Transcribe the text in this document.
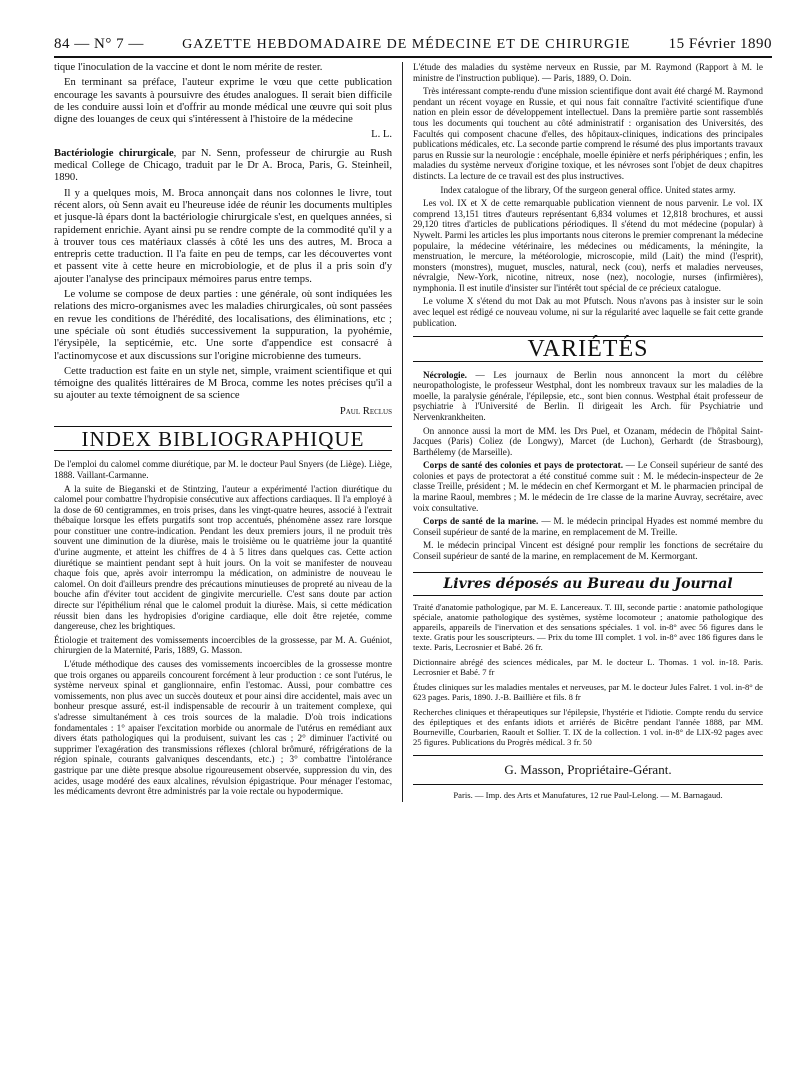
84 — N° 7 —	GAZETTE HEBDOMADAIRE DE MÉDECINE ET DE CHIRURGIE	15 Février 1890

tique l'inoculation de la vaccine et dont le nom mérite de rester.

En terminant sa préface, l'auteur exprime le vœu que cette publication encourage les savants à poursuivre des études analogues. Il serait bien difficile de les conduire aussi loin et d'offrir au monde médical une œuvre qui soit plus digne des louanges de ceux qui s'intéressent à l'histoire de la médecine

L. L.

Bactériologie chirurgicale, par N. Senn, professeur de chirurgie au Rush medical College de Chicago, traduit par le Dr A. Broca, Paris, G. Steinheil, 1890.

Il y a quelques mois, M. Broca annonçait dans nos colonnes le livre, tout récent alors, où Senn avait eu l'heureuse idée de réunir les documents multiples et jusque-là épars dont la bactériologie chirurgicale s'est, en quelques années, si rapidement enrichie. Ayant ainsi pu se rendre compte de la commodité qu'il y a à trouver tous ces matériaux classés à côté les uns des autres, M. Broca a entrepris cette traduction. Il l'a faite en peu de temps, car les découvertes vont et passent vite à cette heure en microbiologie, et de plus il a pris soin d'y ajouter l'analyse des principaux mémoires parus entre temps.

Le volume se compose de deux parties : une générale, où sont indiquées les relations des micro-organismes avec les maladies chirurgicales, où sont passées en revue les conditions de l'hérédité, des localisations, des éliminations, etc ; une spéciale où sont étudiés successivement la suppuration, la pyohémie, l'érysipèle, la septicémie, etc. Une sorte d'appendice est consacré à l'actinomycose et aux discussions sur l'origine microbienne des tumeurs.

Cette traduction est faite en un style net, simple, vraiment scientifique et qui témoigne des qualités littéraires de M Broca, comme les notes précises qu'il a su ajouter au texte témoignent de sa science

Paul Reclus
INDEX BIBLIOGRAPHIQUE

De l'emploi du calomel comme diurétique, par M. le docteur Paul Snyers (de Liège). Liège, 1888. Vaillant-Carmanne.

A la suite de Bieganski et de Stintzing, l'auteur a expérimenté l'action diurétique du calomel pour combattre l'hydropisie consécutive aux affections cardiaques. Il l'a employé à la dose de 60 centigrammes, en trois prises, dans les vingt-quatre heures, associé à l'extrait thébaïque lorsque les effets purgatifs sont trop accentués, phénomène assez rare lorsque pour constituer une contre-indication. Pendant les deux premiers jours, il ne produit très souvent une diminution de la diurèse, mais le troisième ou le quatrième jour la quantité d'urine augmente, et atteint les chiffres de 4 à 5 litres dans quelques cas. Cette action diurétique se maintient pendant sept à huit jours. On la voit se manifester de nouveau chaque fois que, après avoir interrompu la médication, on administre de nouveau le calomel. On doit d'ailleurs prendre des précautions minutieuses de propreté au niveau de la bouche afin d'éviter tout accident de gingivite mercurielle. C'est sans doute par action directe sur l'épithélium rénal que le calomel produit la diurèse. Mais, si cette médication réussit bien dans les hydropisies d'origine cardiaque, elle doit être rejetée, comme dangereuse, chez les brightiques.

Étiologie et traitement des vomissements incoercibles de la grossesse, par M. A. Guéniot, chirurgien de la Maternité, Paris, 1889, G. Masson.

L'étude méthodique des causes des vomissements incoercibles de la grossesse montre que trois organes ou appareils concourent forcément à leur production : ce sont l'utérus, le système nerveux spinal et ganglionnaire, enfin l'estomac. Aussi, pour combattre ces vomissements, non plus avec un succès douteux et pour ainsi dire accidentel, mais avec un bonheur presque assuré, est-il indispensable de recourir à un traitement complexe, qui s'adresse simultanément à ces trois sources de la maladie. D'où trois indications fondamentales : 1° apaiser l'excitation morbide ou anormale de l'utérus en remédiant aux divers états pathologiques qui la produisent, suivant les cas ; 2° diminuer l'activité ou supprimer l'exagération des transmissions réflexes (chloral brômuré, réfrigérations de la région spinale, courants galvaniques descendants, etc.) ; 3° combattre l'intolérance gastrique par une diète presque absolue rigoureusement observée, suppression du vin, des acides, usage modéré des eaux alcalines, révulsion épigastrique. Pour ménager l'estomac, les médicaments devront être administrés par la voie rectale ou hypodermique.

L'étude des maladies du système nerveux en Russie, par M. Raymond (Rapport à M. le ministre de l'instruction publique). — Paris, 1889, O. Doin.

Très intéressant compte-rendu d'une mission scientifique dont avait été chargé M. Raymond pendant un récent voyage en Russie, et qui nous fait connaître l'activité scientifique d'une nation en plein essor de développement intellectuel. Dans la première partie sont rassemblés tous les documents qui touchent au côté administratif : organisation des Universités, des Facultés qui composent chacune d'elles, des hôpitaux-cliniques, indications des principales publications médicales, etc. La seconde partie comprend le résumé des plus importants travaux parus en Russie sur la neurologie : encéphale, moelle épinière et nerfs périphériques ; enfin, les maladies du système nerveux d'origine toxique, et les névroses sont l'objet de deux chapitres distincts. La lecture de ce travail est des plus instructives.

Index catalogue of the library, Of the surgeon general office. United states army.

Les vol. IX et X de cette remarquable publication viennent de nous parvenir. Le vol. IX comprend 13,151 titres d'auteurs représentant 6,834 volumes et 12,818 brochures, et aussi 29,120 titres d'articles de publications périodiques. Il s'étend du mot médecine (popular) à Nywelt. Parmi les articles les plus importants nous citerons le premier comprenant la médecine populaire, la médecine vétérinaire, les médecines ou médicaments, la méningite, la menstruation, le mercure, la météorologie, microscopie, mild (Lait) the mind (l'esprit), monsters (monstres), muguet, muscles, natural, neck (cou), nerfs et maladies nerveuses, névralgie, New-York, nicotine, nitreux, nose (nez), nocologie, nurses (infirmières), nymphonia. Il est inutile d'insister sur l'intérêt tout spécial de ce précieux catalogue.

Le volume X s'étend du mot Dak au mot Pfutsch. Nous n'avons pas à insister sur le soin avec lequel est rédigé ce nouveau volume, ni sur la régularité avec laquelle se fait cette grande publication.

VARIÉTÉS

Nécrologie. — Les journaux de Berlin nous annoncent la mort du célèbre neuropathologiste, le professeur Westphal, dont les nombreux travaux sur les maladies de la moelle, la paralysie générale, l'épilepsie, etc., sont bien connus. Westphal était professeur de psychiatrie à l'Université de Berlin. Il dirigeait les Arch. für Psychiatrie und Nervenkrankheiten.

On annonce aussi la mort de MM. les Drs Puel, et Ozanam, médecin de l'hôpital Saint-Jacques (Paris) Coliez (de Longwy), Marcet (de Luchon), Gerhardt (de Strasbourg), Barthélemy (de Marseille).

Corps de santé des colonies et pays de protectorat. — Le Conseil supérieur de santé des colonies et pays de protectorat a été constitué comme suit : M. le médecin-inspecteur de 2e classe Treille, président ; M. le médecin en chef Kermorgant et M. le pharmacien principal de la marine Raoul, membres ; M. le médecin de 1re classe de la marine Auvray, secrétaire, avec voix consultative.

Corps de santé de la marine. — M. le médecin principal Hyades est nommé membre du Conseil supérieur de santé de la marine, en remplacement de M. Treille.

M. le médecin principal Vincent est désigné pour remplir les fonctions de secrétaire du Conseil supérieur de santé de la marine, en remplacement de M. Kermorgant.

Livres déposés au Bureau du Journal

Traité d'anatomie pathologique, par M. E. Lancereaux. T. III, seconde partie : anatomie pathologique spéciale, anatomie pathologique des systèmes, système locomoteur ; anatomie pathologique des appareils, appareils de l'inervation et des sensations spéciales. 1 vol. in-8° avec 56 figures dans le texte. Gratis pour les souscripteurs. — Prix du tome III complet. 1 vol. in-8° avec 186 figures dans le texte. Paris, Lecrosnier et Babé. 26 fr.

Dictionnaire abrégé des sciences médicales, par M. le docteur L. Thomas. 1 vol. in-18. Paris. Lecrosnier et Babé. 7 fr

Études cliniques sur les maladies mentales et nerveuses, par M. le docteur Jules Falret. 1 vol. in-8° de 623 pages. Paris, 1890. J.-B. Baillière et fils. 8 fr

Recherches cliniques et thérapeutiques sur l'épilepsie, l'hystérie et l'idiotie. Compte rendu du service des épileptiques et des enfants idiots et arriérés de Bicêtre pendant l'année 1888, par MM. Bourneville, Courbarien, Raoult et Sollier. T. IX de la collection. 1 vol. in-8° de LIX-92 pages avec 25 figures. Publications du Progrès médical. 3 fr. 50

G. Masson, Propriétaire-Gérant.
Paris. — Imp. des Arts et Manufatures, 12 rue Paul-Lelong. — M. Barnagaud.
